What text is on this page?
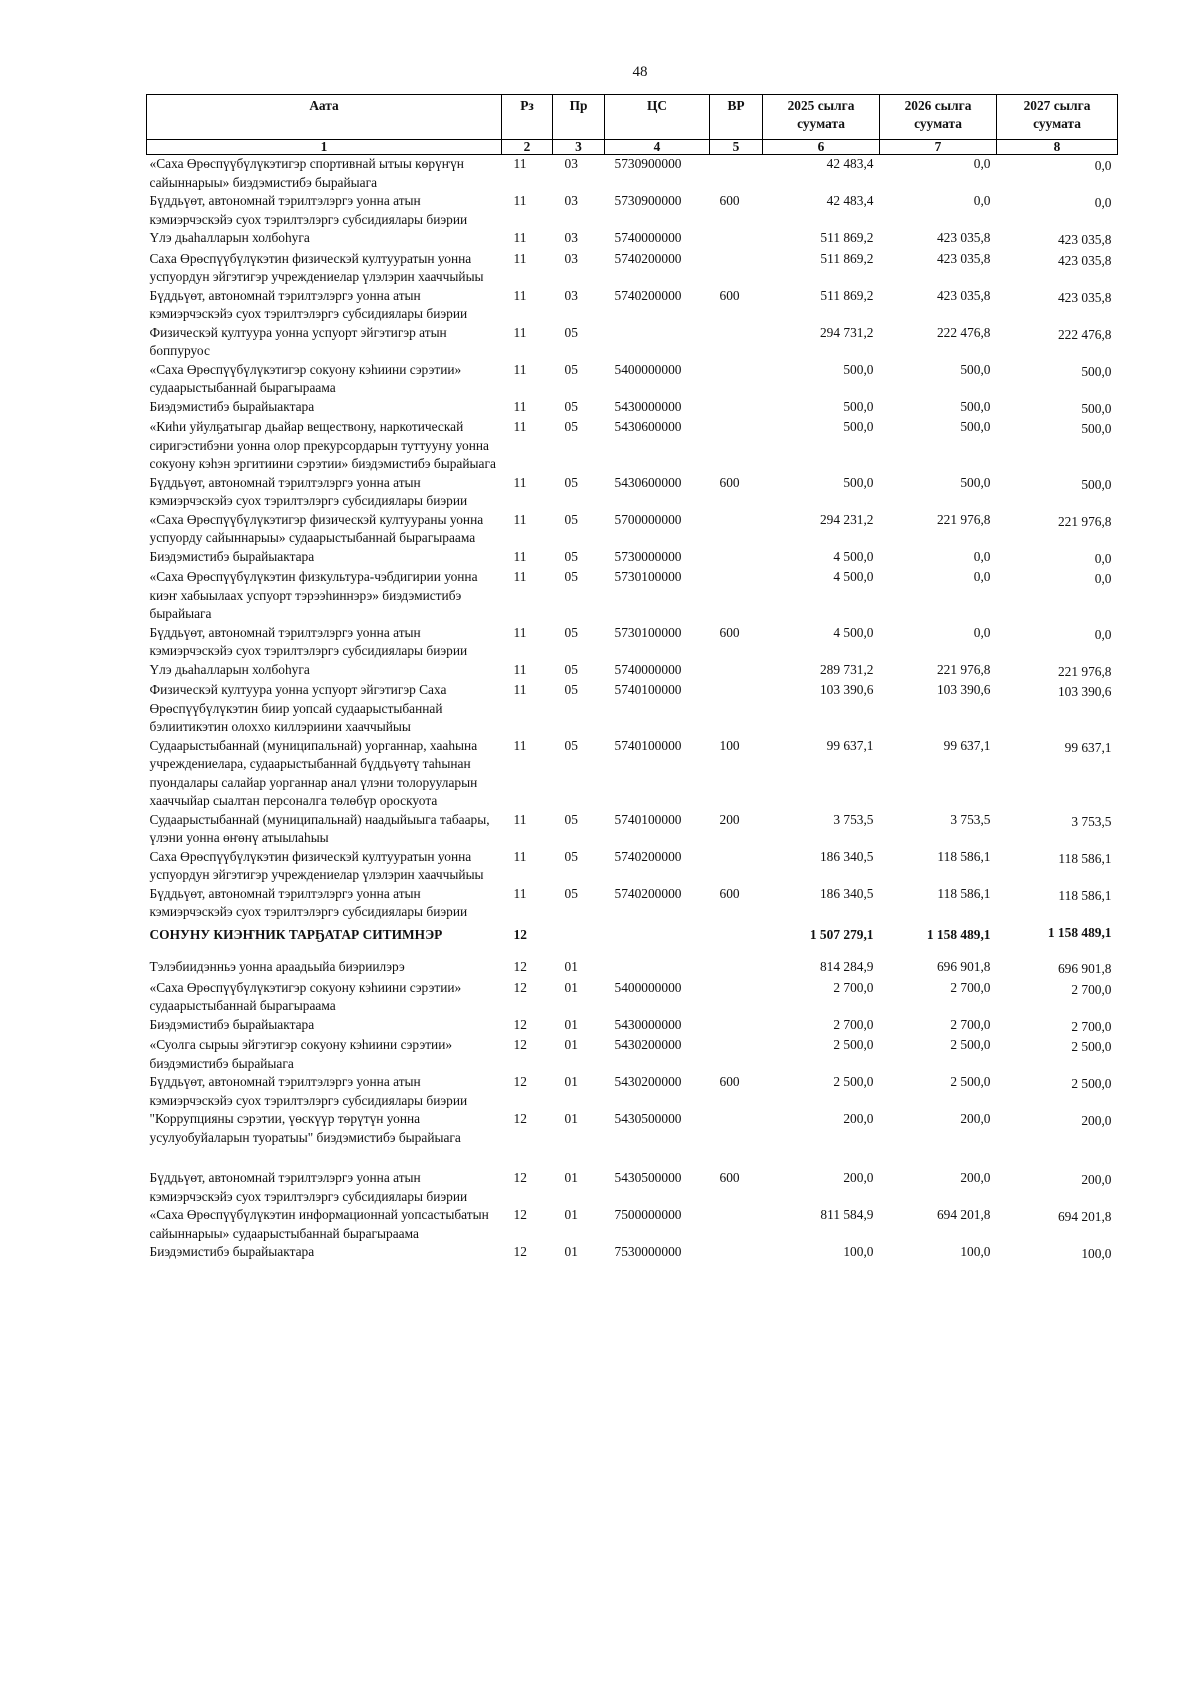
48
Аата	Рз	Пр	ЦС	ВР	2025 сылга суумата	2026 сылга суумата	2027 сылга суумата
1	2	3	4	5	6	7	8
«Саха Өрөспүүбүлүкэтигэр спортивнай ытыы көрүҥүн сайыннарыы» биэдэмистибэ бырайыага	11	03	5730900000		42 483,4	0,0	0,0
Бүддьүөт, автономнай тэрилтэлэргэ уонна атын кэмиэрчэскэйэ суох тэрилтэлэргэ субсидиялары биэрии	11	03	5730900000	600	42 483,4	0,0	0,0
Үлэ дьаһалларын холбоһуга	11	03	5740000000		511 869,2	423 035,8	423 035,8
Саха Өрөспүүбүлүкэтин физическэй култууратын уонна успуордун эйгэтигэр учреждениелар үлэлэрин хааччыйыы	11	03	5740200000		511 869,2	423 035,8	423 035,8
Бүддьүөт, автономнай тэрилтэлэргэ уонна атын кэмиэрчэскэйэ суох тэрилтэлэргэ субсидиялары биэрии	11	03	5740200000	600	511 869,2	423 035,8	423 035,8
Физическэй култуура уонна успуорт эйгэтигэр атын боппуруос	11	05			294 731,2	222 476,8	222 476,8
«Саха Өрөспүүбүлүкэтигэр сокуону кэһиини сэрэтии» судаарыстыбаннай бырагыраама	11	05	5400000000		500,0	500,0	500,0
Биэдэмистибэ бырайыактара	11	05	5430000000		500,0	500,0	500,0
«Киһи уйулҕатыгар дьайар веществону, наркотическай сиригэстибэни уонна олор прекурсордарын туттууну уонна сокуону кэһэн эргитиини сэрэтии» биэдэмистибэ бырайыага	11	05	5430600000		500,0	500,0	500,0
Бүддьүөт, автономнай тэрилтэлэргэ уонна атын кэмиэрчэскэйэ суох тэрилтэлэргэ субсидиялары биэрии	11	05	5430600000	600	500,0	500,0	500,0
«Саха Өрөспүүбүлүкэтигэр физическэй култуураны уонна успуорду сайыннарыы» судаарыстыбаннай бырагыраама	11	05	5700000000		294 231,2	221 976,8	221 976,8
Биэдэмистибэ бырайыактара	11	05	5730000000		4 500,0	0,0	0,0
«Саха Өрөспүүбүлүкэтин физкультура-чэбдигирии уонна киэҥ хабыылаах успуорт тэрээһиннэрэ» биэдэмистибэ бырайыага	11	05	5730100000		4 500,0	0,0	0,0
Бүддьүөт, автономнай тэрилтэлэргэ уонна атын кэмиэрчэскэйэ суох тэрилтэлэргэ субсидиялары биэрии	11	05	5730100000	600	4 500,0	0,0	0,0
Үлэ дьаһалларын холбоһуга	11	05	5740000000		289 731,2	221 976,8	221 976,8
Физическэй култуура уонна успуорт эйгэтигэр Саха Өрөспүүбүлүкэтин биир уопсай судаарыстыбаннай бэлиитикэтин олоххо киллэриини хааччыйыы	11	05	5740100000		103 390,6	103 390,6	103 390,6
Судаарыстыбаннай (муниципальнай) уорганнар, хааһына учреждениелара, судаарыстыбаннай бүддьүөтү таһынан пуондалары салайар уорганнар анал үлэни толорууларын хааччыйар сыалтан персоналга төлөбүр ороскуота	11	05	5740100000	100	99 637,1	99 637,1	99 637,1
Судаарыстыбаннай (муниципальнай) наадыйыыга табаары, үлэни уонна өҥөнү атыылаһыы	11	05	5740100000	200	3 753,5	3 753,5	3 753,5
Саха Өрөспүүбүлүкэтин физическэй култууратын уонна успуордун эйгэтигэр учреждениелар үлэлэрин хааччыйыы	11	05	5740200000		186 340,5	118 586,1	118 586,1
Бүддьүөт, автономнай тэрилтэлэргэ уонна атын кэмиэрчэскэйэ суох тэрилтэлэргэ субсидиялары биэрии	11	05	5740200000	600	186 340,5	118 586,1	118 586,1
СОНУНУ КИЭҤНИК ТАРҔАТАР СИТИМНЭР	12				1 507 279,1	1 158 489,1	1 158 489,1
Тэлэбиидэнньэ уонна араадьыйа биэриилэрэ	12	01			814 284,9	696 901,8	696 901,8
«Саха Өрөспүүбүлүкэтигэр сокуону кэһиини сэрэтии» судаарыстыбаннай бырагыраама	12	01	5400000000		2 700,0	2 700,0	2 700,0
Биэдэмистибэ бырайыактара	12	01	5430000000		2 700,0	2 700,0	2 700,0
«Суолга сырыы эйгэтигэр сокуону кэһиини сэрэтии» биэдэмистибэ бырайыага	12	01	5430200000		2 500,0	2 500,0	2 500,0
Бүддьүөт, автономнай тэрилтэлэргэ уонна атын кэмиэрчэскэйэ суох тэрилтэлэргэ субсидиялары биэрии	12	01	5430200000	600	2 500,0	2 500,0	2 500,0
"Коррупцияны сэрэтии, үөскүүр төрүтүн уонна усулуобуйаларын туоратыы" биэдэмистибэ бырайыага	12	01	5430500000		200,0	200,0	200,0
Бүддьүөт, автономнай тэрилтэлэргэ уонна атын кэмиэрчэскэйэ суох тэрилтэлэргэ субсидиялары биэрии	12	01	5430500000	600	200,0	200,0	200,0
«Саха Өрөспүүбүлүкэтин информационнай уопсастыбатын сайыннарыы» судаарыстыбаннай бырагыраама	12	01	7500000000		811 584,9	694 201,8	694 201,8
Биэдэмистибэ бырайыактара	12	01	7530000000		100,0	100,0	100,0
